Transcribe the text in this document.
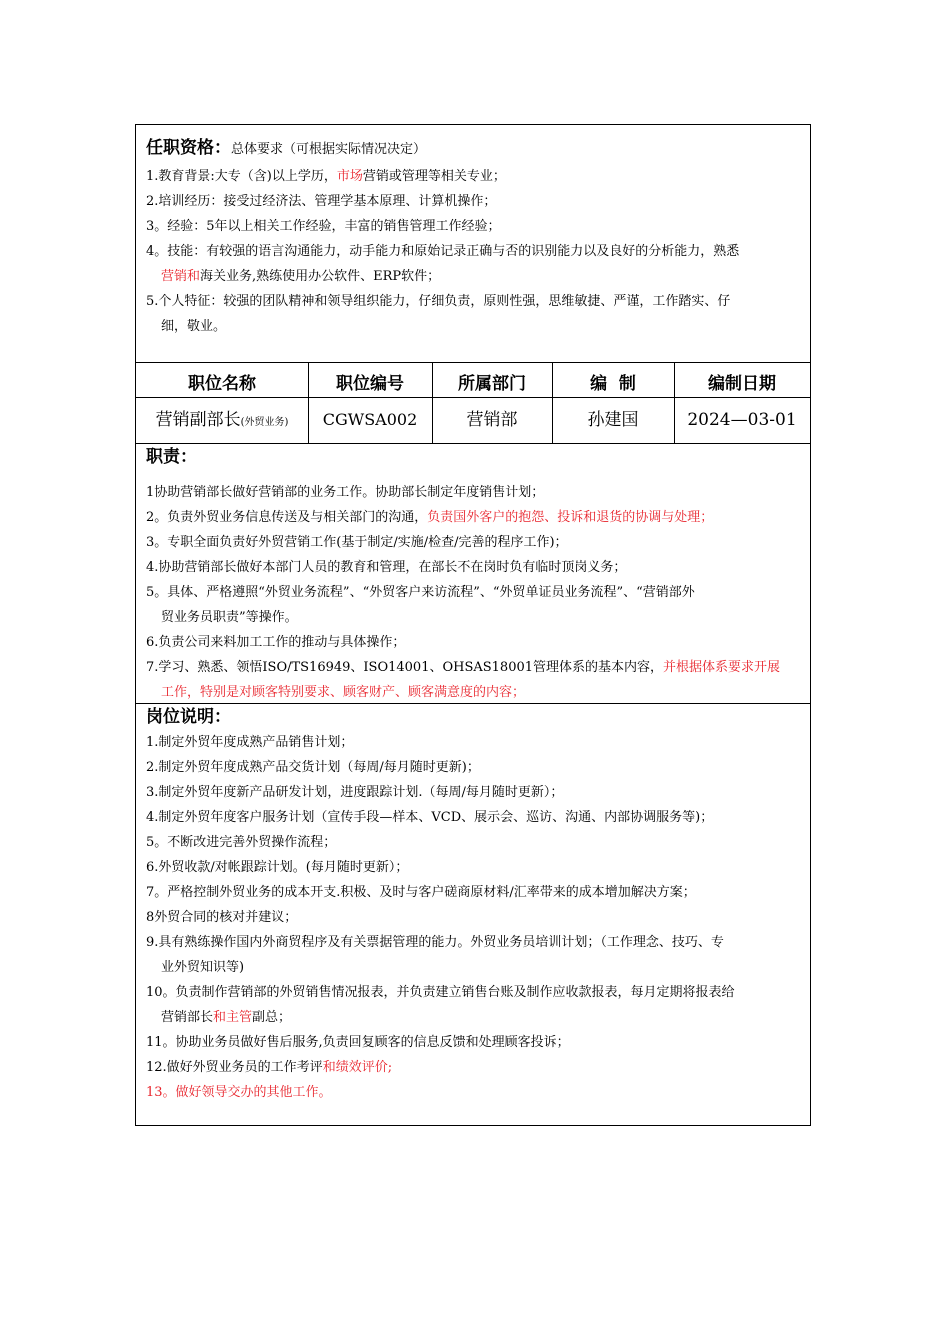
任职资格：总体要求（可根据实际情况决定）
1.教育背景:大专（含)以上学历，市场营销或管理等相关专业；
2.培训经历：接受过经济法、管理学基本原理、计算机操作；
3。经验：5年以上相关工作经验，丰富的销售管理工作经验；
4。技能：有较强的语言沟通能力，动手能力和原始记录正确与否的识别能力以及良好的分析能力，熟悉
营销和海关业务,熟练使用办公软件、ERP软件；
5.个人特征：较强的团队精神和领导组织能力，仔细负责，原则性强，思维敏捷、严谨，工作踏实、仔
细，敬业。
职位名称	职位编号	所属部门	编  制	编制日期
营销副部长(外贸业务)	CGWSA002	营销部	孙建国	2024—03-01
职责：
1协助营销部长做好营销部的业务工作。协助部长制定年度销售计划；
2。负责外贸业务信息传送及与相关部门的沟通，负责国外客户的抱怨、投诉和退货的协调与处理；
3。专职全面负责好外贸营销工作(基于制定/实施/检查/完善的程序工作)；
4.协助营销部长做好本部门人员的教育和管理，在部长不在岗时负有临时顶岗义务；
5。具体、严格遵照“外贸业务流程”、“外贸客户来访流程”、“外贸单证员业务流程”、“营销部外
贸业务员职责”等操作。
6.负责公司来料加工工作的推动与具体操作；
7.学习、熟悉、领悟ISO/TS16949、ISO14001、OHSAS18001管理体系的基本内容，并根据体系要求开展
工作，特别是对顾客特别要求、顾客财产、顾客满意度的内容；
岗位说明：
1.制定外贸年度成熟产品销售计划；
2.制定外贸年度成熟产品交货计划（每周/每月随时更新)；
3.制定外贸年度新产品研发计划，进度跟踪计划.（每周/每月随时更新）；
4.制定外贸年度客户服务计划（宣传手段—样本、VCD、展示会、巡访、沟通、内部协调服务等)；
5。不断改进完善外贸操作流程；
6.外贸收款/对帐跟踪计划。(每月随时更新）；
7。严格控制外贸业务的成本开支.积极、及时与客户磋商原材料/汇率带来的成本增加解决方案；
8外贸合同的核对并建议；
9.具有熟练操作国内外商贸程序及有关票据管理的能力。外贸业务员培训计划；（工作理念、技巧、专
业外贸知识等)
10。负责制作营销部的外贸销售情况报表，并负责建立销售台账及制作应收款报表，每月定期将报表给
营销部长和主管副总；
11。协助业务员做好售后服务,负责回复顾客的信息反馈和处理顾客投诉；
12.做好外贸业务员的工作考评和绩效评价;
13。做好领导交办的其他工作。
